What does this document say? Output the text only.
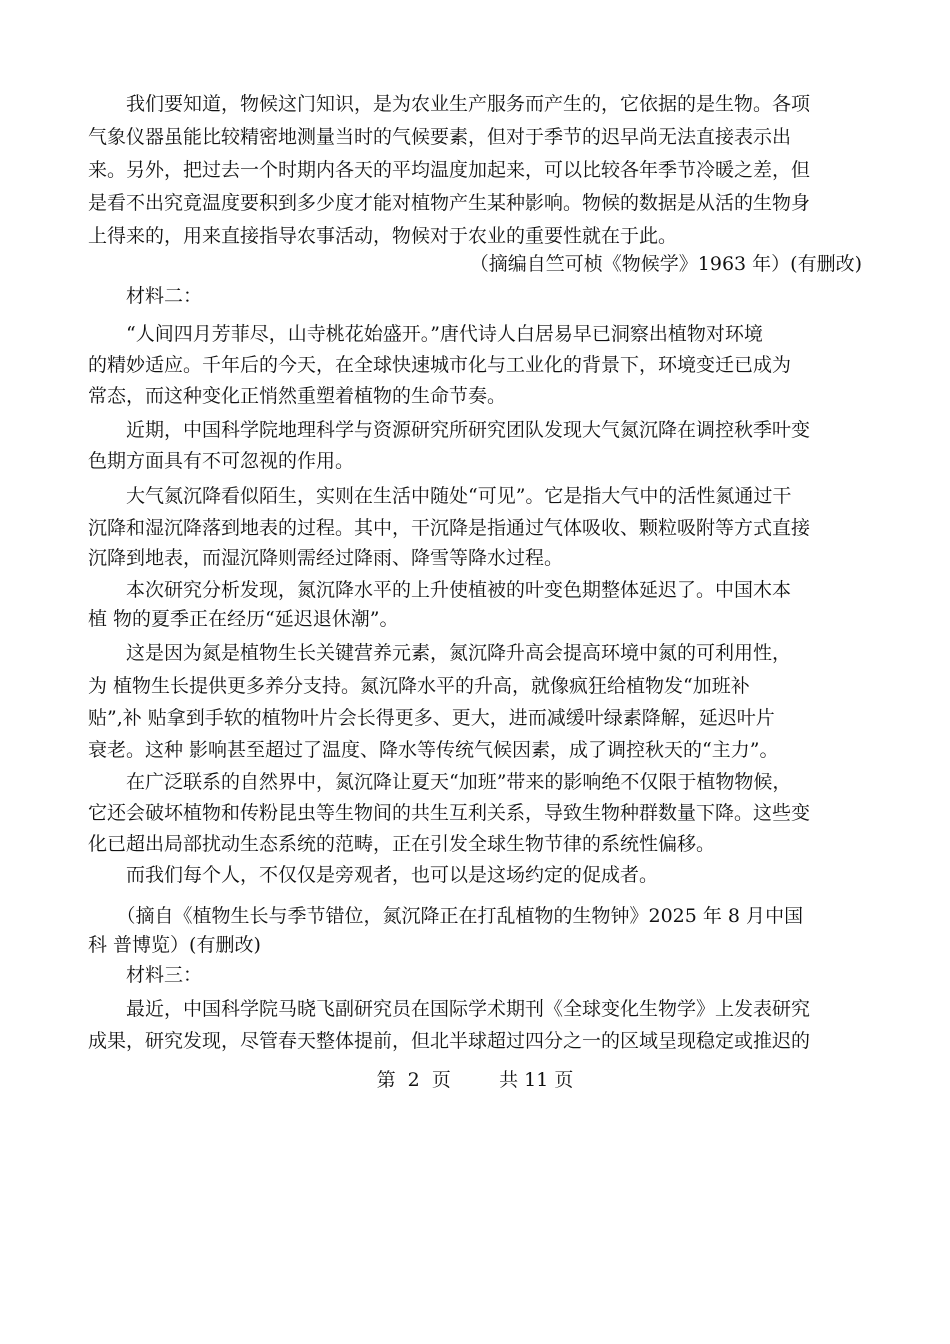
　　我们要知道，物候这门知识，是为农业生产服务而产生的，它依据的是生物。各项
气象仪器虽能比较精密地测量当时的气候要素，但对于季节的迟早尚无法直接表示出
来。另外，把过去一个时期内各天的平均温度加起来，可以比较各年季节冷暖之差，但
是看不出究竟温度要积到多少度才能对植物产生某种影响。物候的数据是从活的生物身
上得来的，用来直接指导农事活动，物候对于农业的重要性就在于此。
（摘编自竺可桢《物候学》1963 年）(有删改)
　　材料二：
　　“人间四月芳菲尽，山寺桃花始盛开。”唐代诗人白居易早已洞察出植物对环境
的精妙适应。千年后的今天，在全球快速城市化与工业化的背景下，环境变迁已成为
常态，而这种变化正悄然重塑着植物的生命节奏。
　　近期，中国科学院地理科学与资源研究所研究团队发现大气氮沉降在调控秋季叶变
色期方面具有不可忽视的作用。
　　大气氮沉降看似陌生，实则在生活中随处“可见”。它是指大气中的活性氮通过干
沉降和湿沉降落到地表的过程。其中，干沉降是指通过气体吸收、颗粒吸附等方式直接
沉降到地表，而湿沉降则需经过降雨、降雪等降水过程。
　　本次研究分析发现，氮沉降水平的上升使植被的叶变色期整体延迟了。中国木本
植 物的夏季正在经历“延迟退休潮”。
　　这是因为氮是植物生长关键营养元素，氮沉降升高会提高环境中氮的可利用性，
为 植物生长提供更多养分支持。氮沉降水平的升高，就像疯狂给植物发“加班补
贴”,补 贴拿到手软的植物叶片会长得更多、更大，进而减缓叶绿素降解，延迟叶片
衰老。这种 影响甚至超过了温度、降水等传统气候因素，成了调控秋天的“主力”。
　　在广泛联系的自然界中，氮沉降让夏天“加班”带来的影响绝不仅限于植物物候，
它还会破坏植物和传粉昆虫等生物间的共生互利关系，导致生物种群数量下降。这些变
化已超出局部扰动生态系统的范畴，正在引发全球生物节律的系统性偏移。
　　而我们每个人，不仅仅是旁观者，也可以是这场约定的促成者。
　　（摘自《植物生长与季节错位，氮沉降正在打乱植物的生物钟》2025 年 8 月中国
科 普博览）(有删改)
　　材料三：
　　最近，中国科学院马晓飞副研究员在国际学术期刊《全球变化生物学》上发表研究
成果，研究发现，尽管春天整体提前，但北半球超过四分之一的区域呈现稳定或推迟的
第  2  页        共 11 页
